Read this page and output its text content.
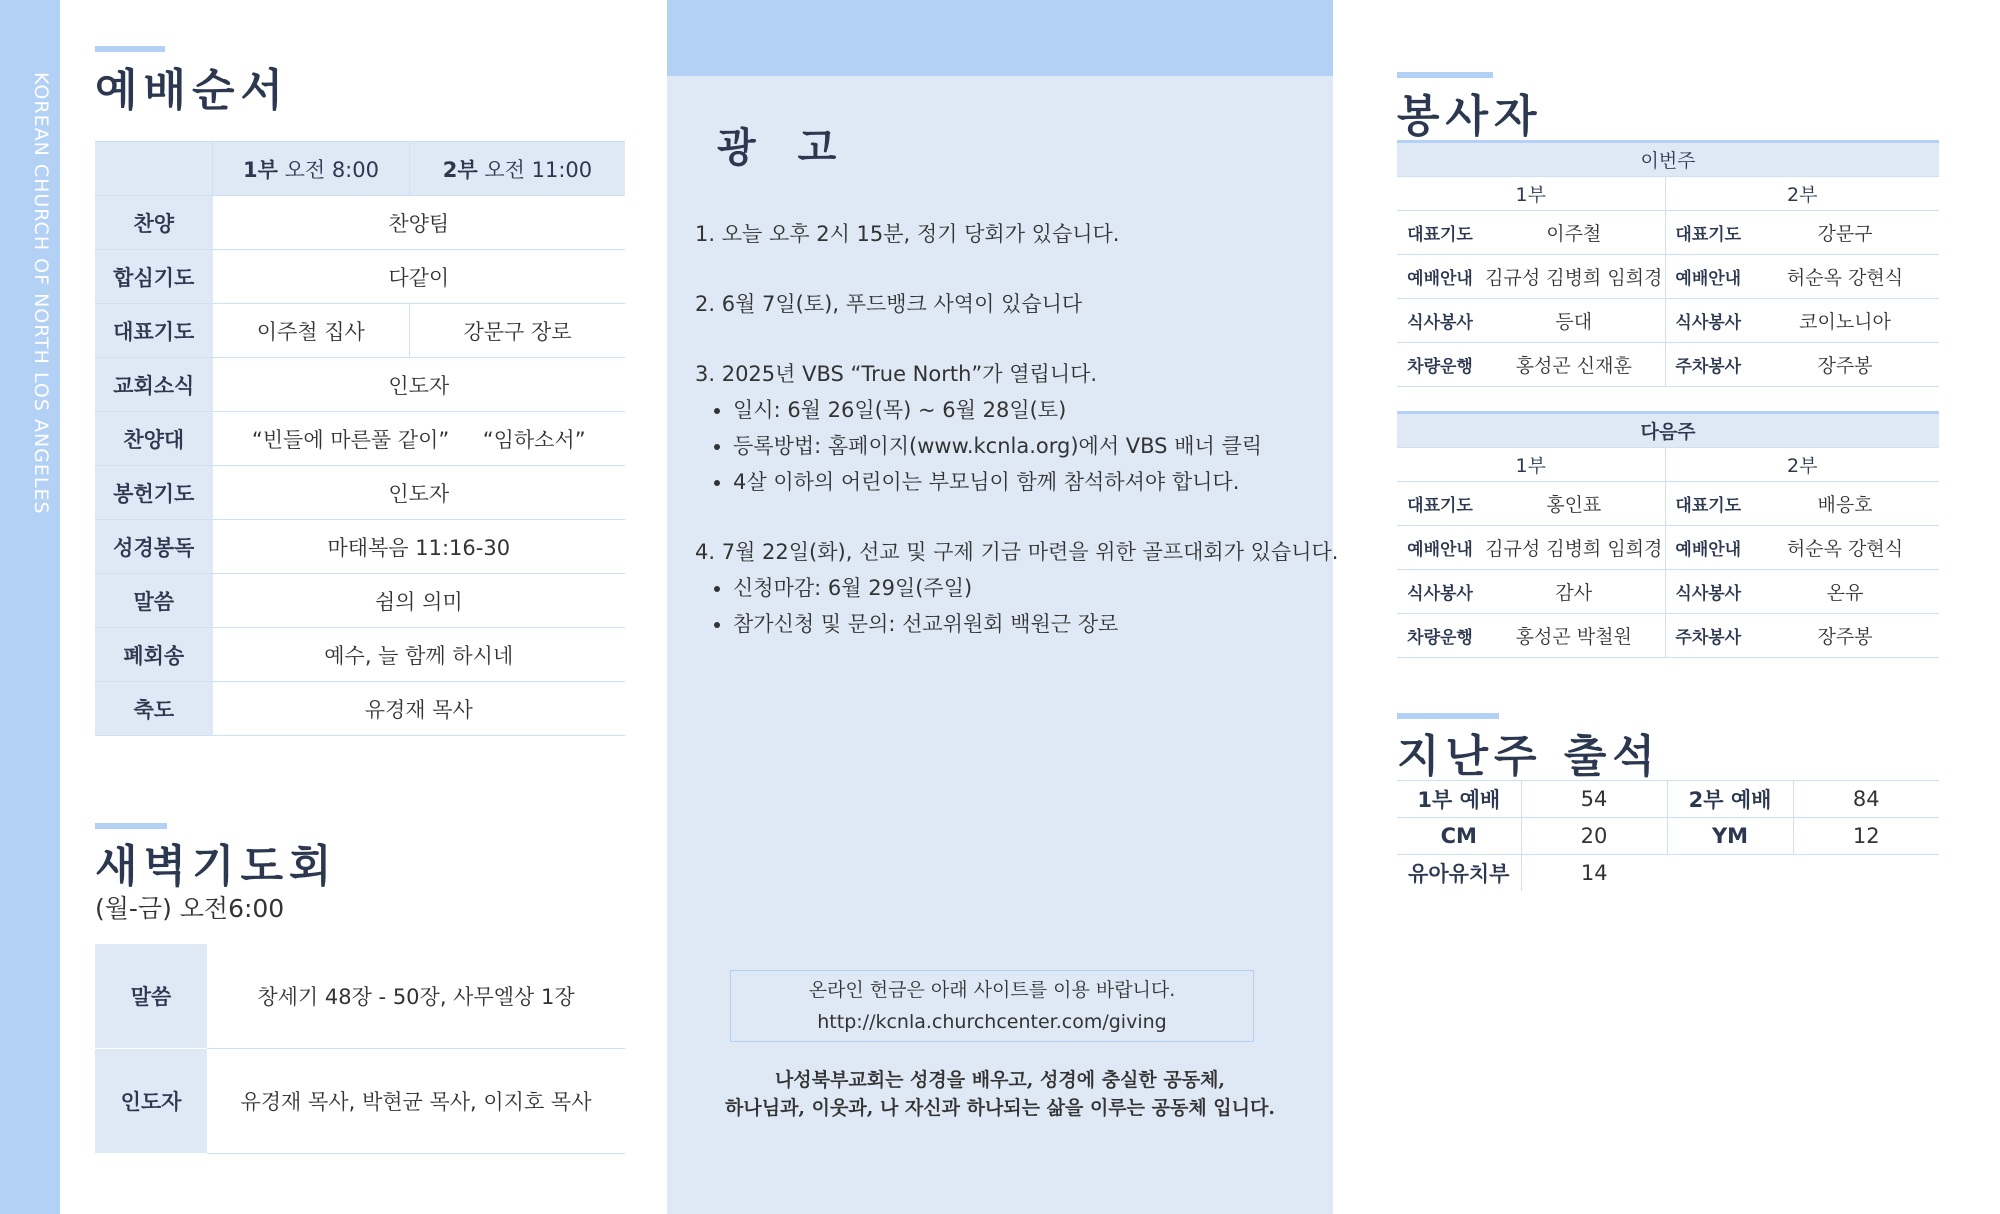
KOREAN CHURCH OF NORTH LOS ANGELES 예배순서
	1부 오전 8:00	2부 오전 11:00
찬양	찬양팀	
합심기도	다같이	
대표기도	이주철 집사	강문구 장로
교회소식	인도자	
찬양대	“빈들에 마른풀 같이” “임하소서”	
봉헌기도	인도자	
성경봉독	마태복음 11:16-30	
말씀	쉼의 의미	
폐회송	예수, 늘 함께 하시네	
축도	유경재 목사	
새벽기도회

(월-금) 오전6:00

말씀	창세기 48장 - 50장, 사무엘상 1장
인도자	유경재 목사, 박현균 목사, 이지호 목사
광 고

1. 오늘 오후 2시 15분, 정기 당회가 있습니다.

2. 6월 7일(토), 푸드뱅크 사역이 있습니다

3. 2025년 VBS “True North”가 열립니다.

• 일시: 6월 26일(목) ~ 6월 28일(토)
• 등록방법: 홈페이지(www.kcnla.org)에서 VBS 배너 클릭
• 4살 이하의 어린이는 부모님이 함께 참석하셔야 합니다.

4. 7월 22일(화), 선교 및 구제 기금 마련을 위한 골프대회가 있습니다.

• 신청마감: 6월 29일(주일)
• 참가신청 및 문의: 선교위원회 백원근 장로
온라인 헌금은 아래 사이트를 이용 바랍니다.
http://kcnla.churchcenter.com/giving
나성북부교회는 성경을 배우고, 성경에 충실한 공동체,
하나님과, 이웃과, 나 자신과 하나되는 삶을 이루는 공동체 입니다.
봉사자
이번주			
1부		2부	
대표기도	이주철	대표기도	강문구
예배안내	김규성 김병희 임희경	예배안내	허순옥 강현식
식사봉사	등대	식사봉사	코이노니아
차량운행	홍성곤 신재훈	주차봉사	장주봉
다음주			
1부		2부	
대표기도	홍인표	대표기도	배응호
예배안내	김규성 김병희 임희경	예배안내	허순옥 강현식
식사봉사	감사	식사봉사	온유
차량운행	홍성곤 박철원	주차봉사	장주봉
지난주 출석
1부 예배	54	2부 예배	84
CM	20	YM	12
유아유치부	14		
